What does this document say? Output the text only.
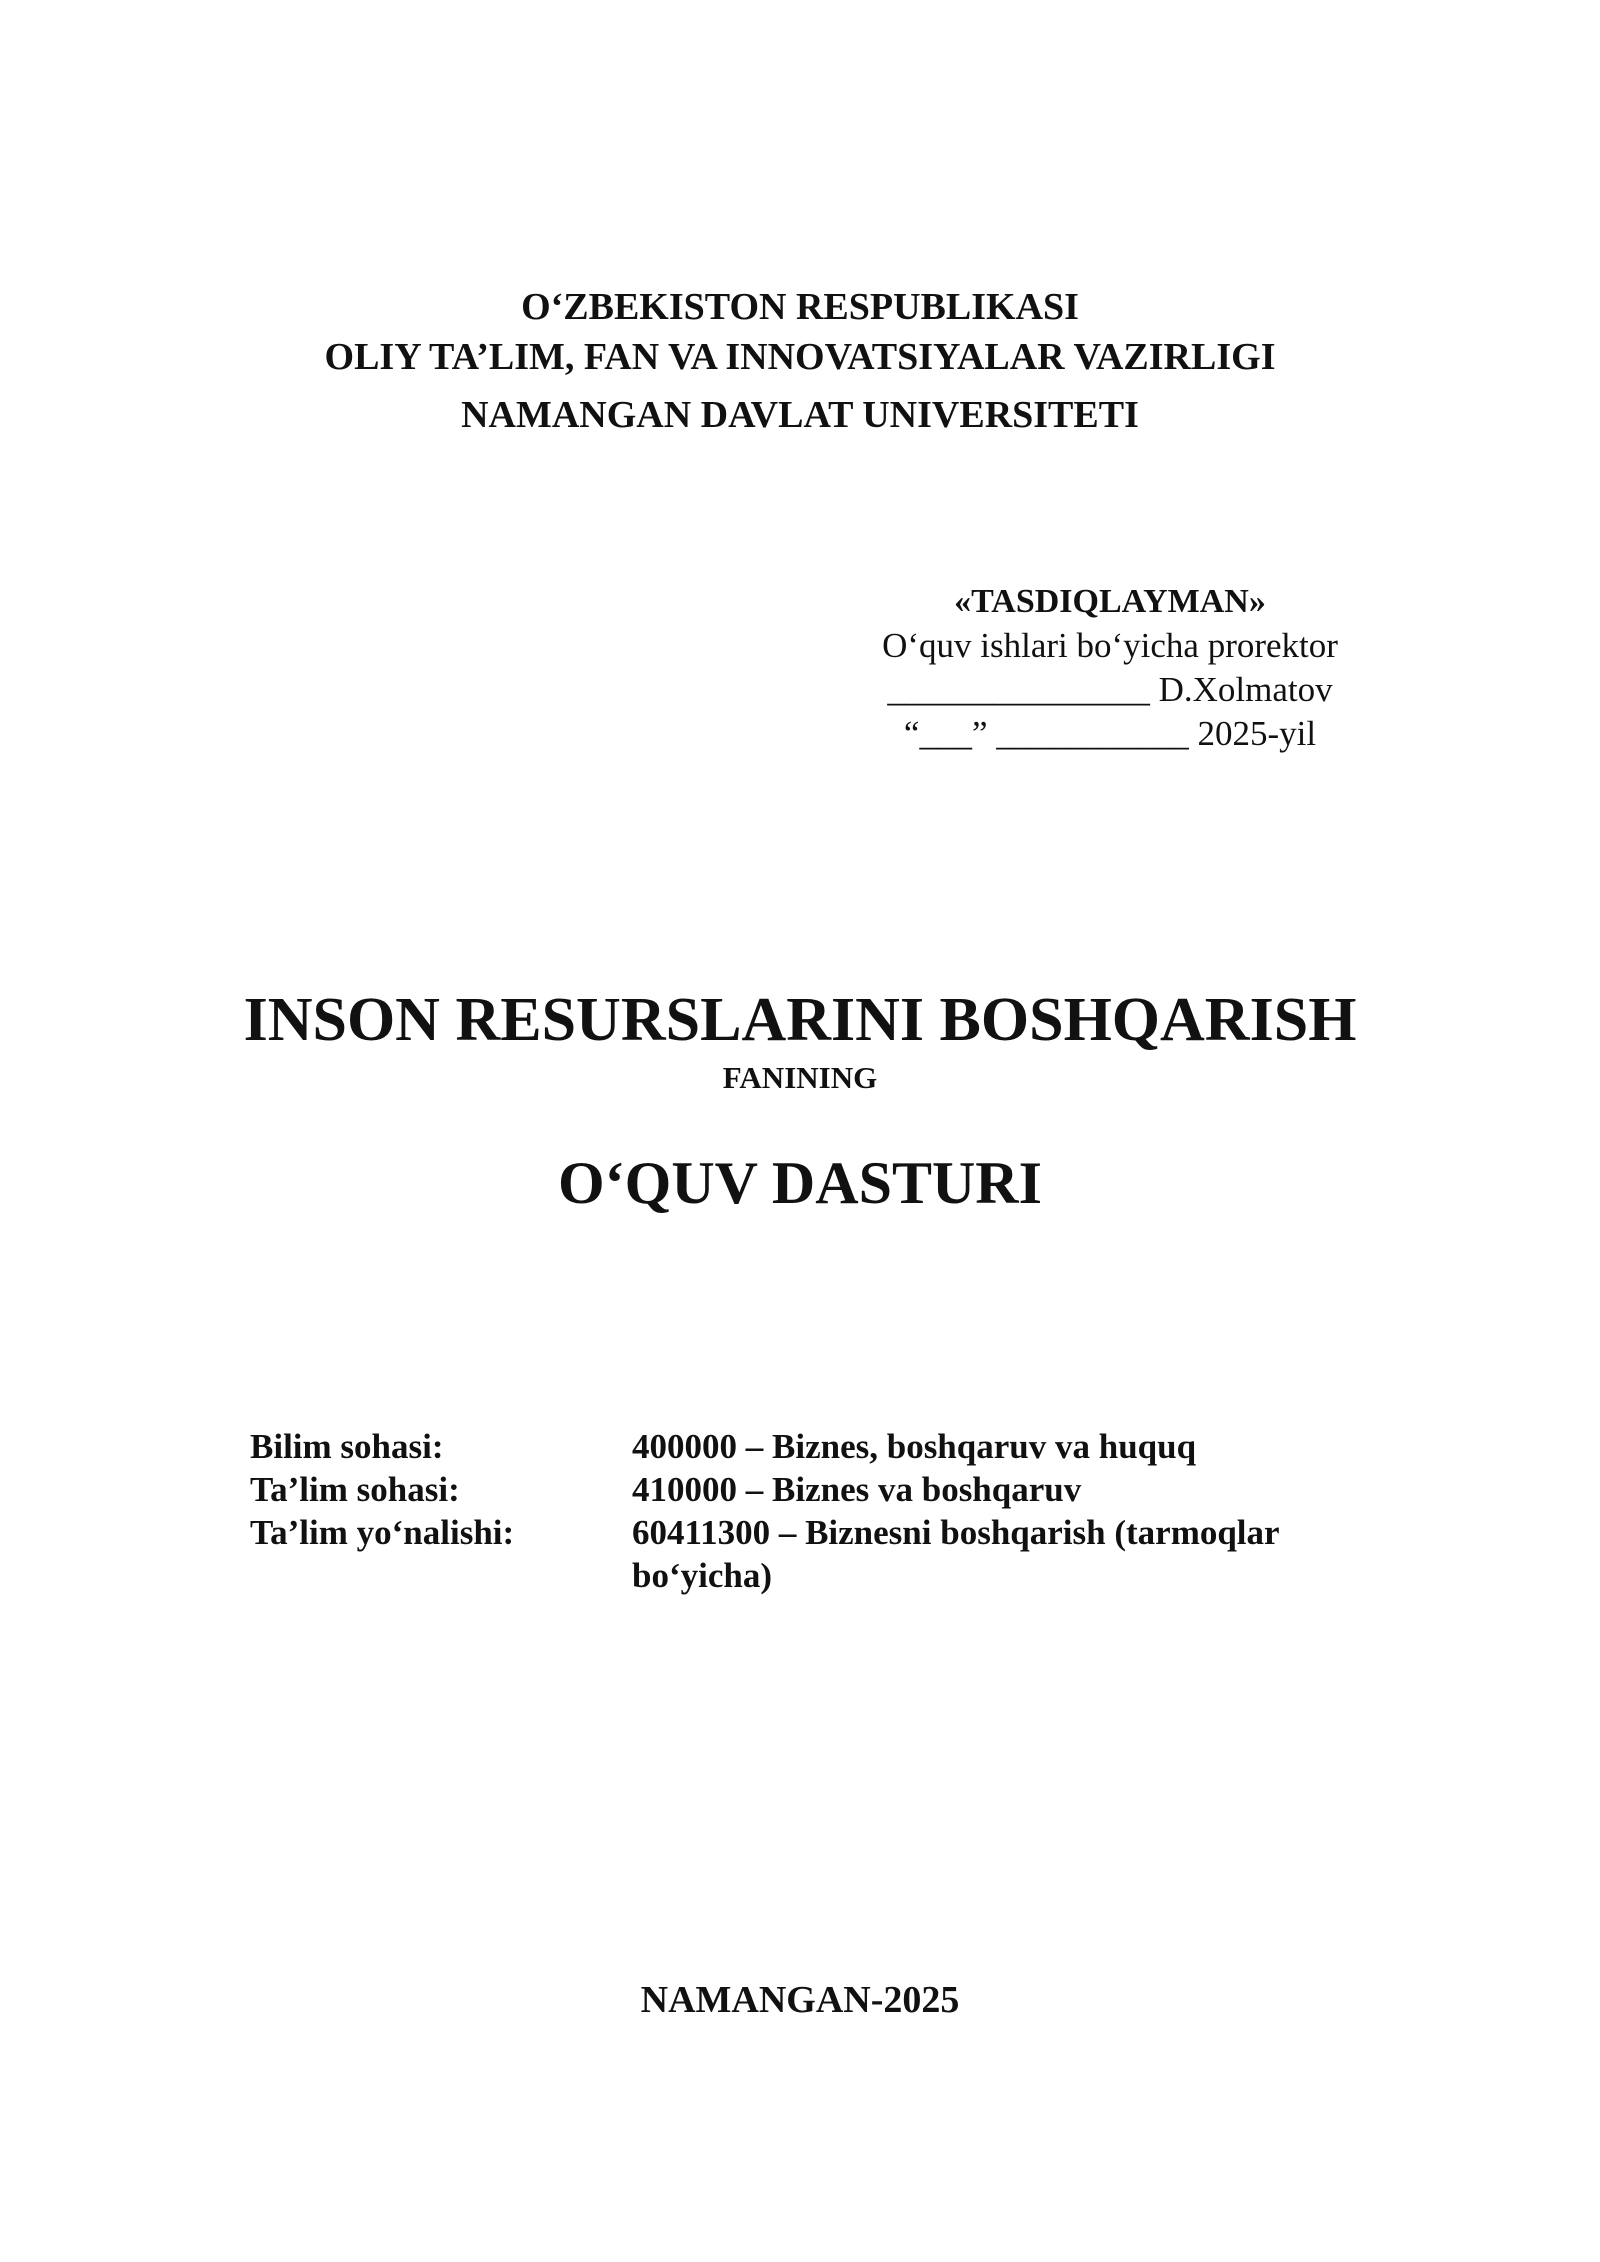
O‘ZBEKISTON RESPUBLIKASI
OLIY TA’LIM, FAN VA INNOVATSIYALAR VAZIRLIGI
NAMANGAN DAVLAT UNIVERSITETI
«TASDIQLAYMAN»
O‘quv ishlari bo‘yicha prorektor
_______________ D.Xolmatov
“___” ___________ 2025-yil
INSON RESURSLARINI BOSHQARISH
FANINING
O‘QUV DASTURI
Bilim sohasi:	400000 – Biznes, boshqaruv va huquq
Ta’lim sohasi:	410000 – Biznes va boshqaruv
Ta’lim yo‘nalishi:	60411300 – Biznesni boshqarish (tarmoqlar bo‘yicha)
NAMANGAN-2025
